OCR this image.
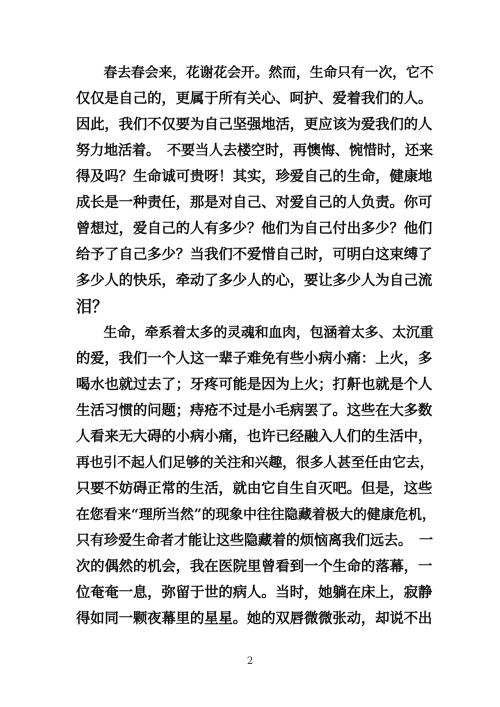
　　春去春会来，花谢花会开。然而，生命只有一次，它不
仅仅是自己的，更属于所有关心、呵护、爱着我们的人。
因此，我们不仅要为自己坚强地活，更应该为爱我们的人
努力地活着。　不要当人去楼空时，再懊悔、惋惜时，还来
得及吗？生命诚可贵呀！其实，珍爱自己的生命，健康地
成长是一种责任，那是对自己、对爱自己的人负责。你可
曾想过，爱自己的人有多少？他们为自己付出多少？他们
给予了自己多少？当我们不爱惜自己时，可明白这束缚了
多少人的快乐，牵动了多少人的心，要让多少人为自己流
泪？
　　生命，牵系着太多的灵魂和血肉，包涵着太多、太沉重
的爱，我们一个人这一辈子难免有些小病小痛：上火，多
喝水也就过去了；牙疼可能是因为上火；打鼾也就是个人
生活习惯的问题；痔疮不过是小毛病罢了。这些在大多数
人看来无大碍的小病小痛，也许已经融入人们的生活中，
再也引不起人们足够的关注和兴趣，很多人甚至任由它去，
只要不妨碍正常的生活，就由它自生自灭吧。但是，这些
在您看来“理所当然”的现象中往往隐藏着极大的健康危机，
只有珍爱生命者才能让这些隐藏着的烦恼离我们远去。　一
次的偶然的机会，我在医院里曾看到一个生命的落幕，一
位奄奄一息，弥留于世的病人。当时，她躺在床上，寂静
得如同一颗夜幕里的星星。她的双唇微微张动，却说不出
2
